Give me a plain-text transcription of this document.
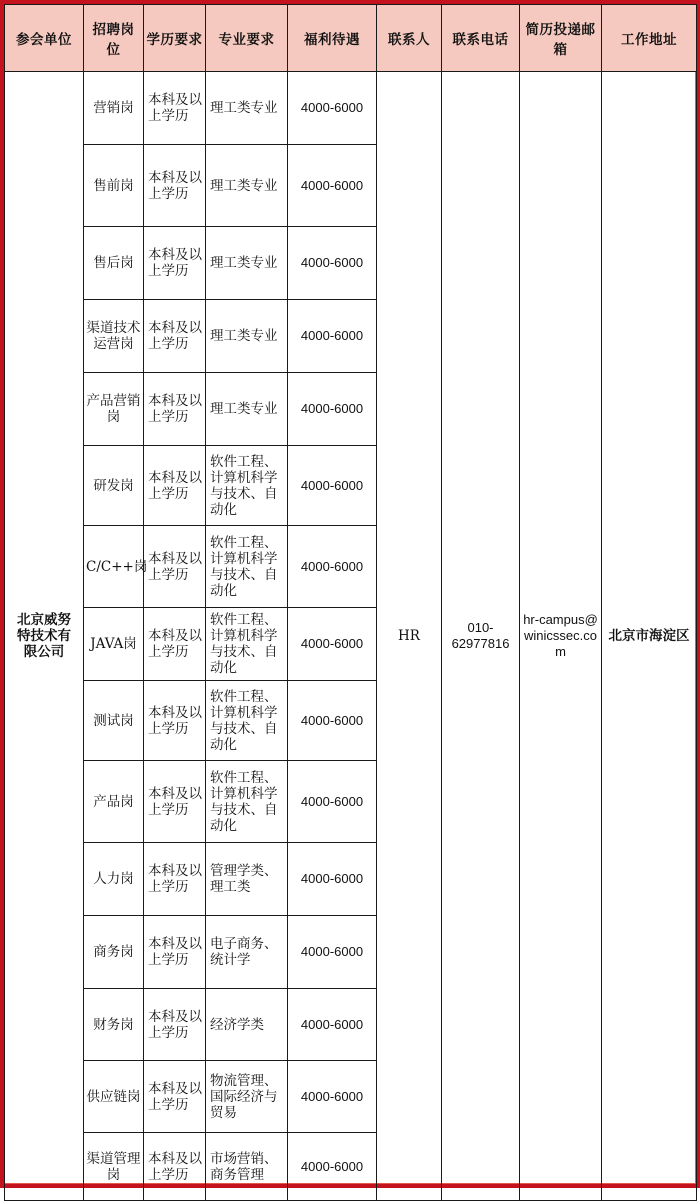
参会单位	招聘岗位	学历要求	专业要求	福利待遇	联系人	联系电话	简历投递邮箱	工作地址
北京威努特技术有限公司	营销岗	本科及以上学历	理工类专业	4000-6000	HR	010-62977816	hr-campus@winicssec.com	北京市海淀区
	售前岗	本科及以上学历	理工类专业	4000-6000				
	售后岗	本科及以上学历	理工类专业	4000-6000				
	渠道技术运营岗	本科及以上学历	理工类专业	4000-6000				
	产品营销岗	本科及以上学历	理工类专业	4000-6000				
	研发岗	本科及以上学历	软件工程、计算机科学与技术、自动化	4000-6000				
	C/C++岗	本科及以上学历	软件工程、计算机科学与技术、自动化	4000-6000				
	JAVA岗	本科及以上学历	软件工程、计算机科学与技术、自动化	4000-6000				
	测试岗	本科及以上学历	软件工程、计算机科学与技术、自动化	4000-6000				
	产品岗	本科及以上学历	软件工程、计算机科学与技术、自动化	4000-6000				
	人力岗	本科及以上学历	管理学类、理工类	4000-6000				
	商务岗	本科及以上学历	电子商务、统计学	4000-6000				
	财务岗	本科及以上学历	经济学类	4000-6000				
	供应链岗	本科及以上学历	物流管理、国际经济与贸易	4000-6000				
	渠道管理岗	本科及以上学历	市场营销、商务管理	4000-6000				
